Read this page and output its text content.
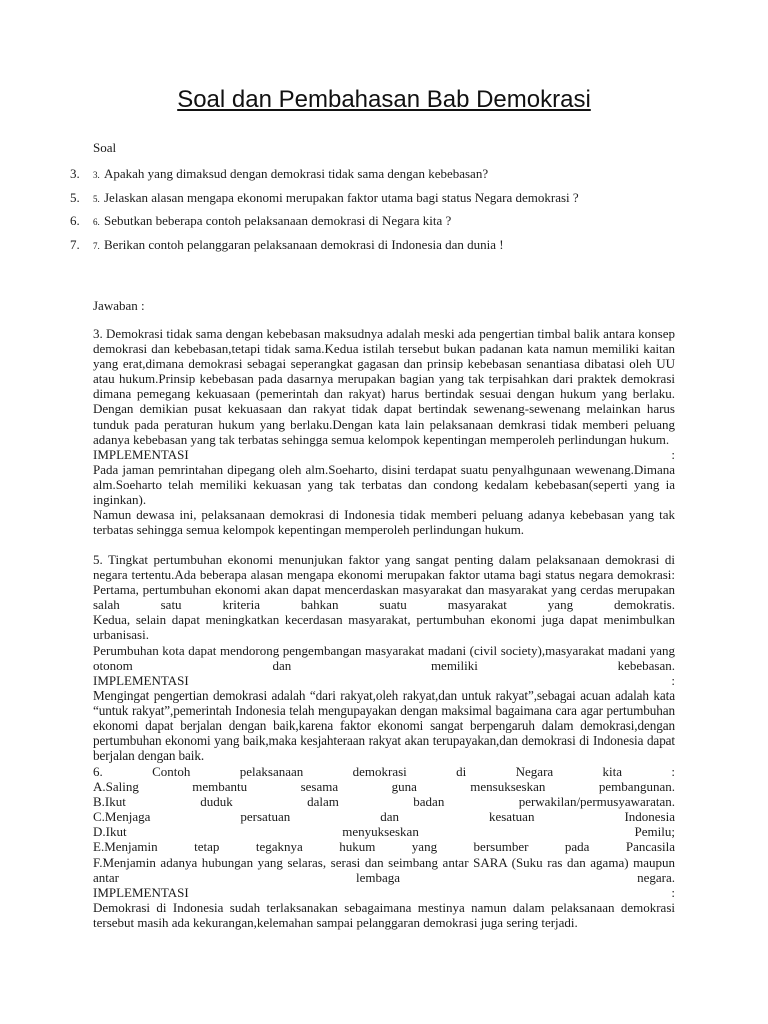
Soal dan Pembahasan Bab Demokrasi
Soal
3. 3. Apakah yang dimaksud dengan demokrasi tidak sama dengan kebebasan?
5. 5. Jelaskan alasan mengapa ekonomi merupakan faktor utama bagi status Negara demokrasi ?
6. 6. Sebutkan beberapa contoh pelaksanaan demokrasi di Negara kita ?
7. 7. Berikan contoh pelanggaran pelaksanaan demokrasi di Indonesia dan dunia !
Jawaban :

3. Demokrasi tidak sama dengan kebebasan maksudnya adalah meski ada pengertian timbal balik antara konsep demokrasi dan kebebasan,tetapi tidak sama.Kedua istilah tersebut bukan padanan kata namun memiliki kaitan yang erat,dimana demokrasi sebagai seperangkat gagasan dan prinsip kebebasan senantiasa dibatasi oleh UU atau hukum.Prinsip kebebasan pada dasarnya merupakan bagian yang tak terpisahkan dari praktek demokrasi dimana pemegang kekuasaan (pemerintah dan rakyat) harus bertindak sesuai dengan hukum yang berlaku. Dengan demikian pusat kekuasaan dan rakyat tidak dapat bertindak sewenang-sewenang melainkan harus tunduk pada peraturan hukum yang berlaku.Dengan kata lain pelaksanaan demkrasi tidak memberi peluang adanya kebebasan yang tak terbatas sehingga semua kelompok kepentingan memperoleh perlindungan hukum.

IMPLEMENTASI	:

Pada jaman pemrintahan dipegang oleh alm.Soeharto, disini terdapat suatu penyalhgunaan wewenang.Dimana alm.Soeharto telah memiliki kekuasan yang tak terbatas dan condong kedalam kebebasan(seperti yang ia inginkan).

Namun dewasa ini, pelaksanaan demokrasi di Indonesia tidak memberi peluang adanya kebebasan yang tak terbatas sehingga semua kelompok kepentingan memperoleh perlindungan hukum.

5. Tingkat pertumbuhan ekonomi menunjukan faktor yang sangat penting dalam pelaksanaan demokrasi di negara tertentu.Ada beberapa alasan mengapa ekonomi merupakan faktor utama bagi status negara demokrasi: Pertama, pertumbuhan ekonomi akan dapat mencerdaskan masyarakat dan masyarakat yang cerdas merupakan salah satu kriteria bahkan suatu masyarakat yang demokratis.

Kedua, selain dapat meningkatkan kecerdasan masyarakat, pertumbuhan ekonomi juga dapat menimbulkan urbanisasi.

Perumbuhan kota dapat mendorong pengembangan masyarakat madani (civil society),masyarakat madani yang otonom dan memiliki kebebasan.

IMPLEMENTASI	:

Mengingat pengertian demokrasi adalah “dari rakyat,oleh rakyat,dan untuk rakyat”,sebagai acuan adalah kata “untuk rakyat”,pemerintah Indonesia telah mengupayakan dengan maksimal bagaimana cara agar pertumbuhan ekonomi dapat berjalan dengan baik,karena faktor ekonomi sangat berpengaruh dalam demokrasi,dengan pertumbuhan ekonomi yang baik,maka kesjahteraan rakyat akan terupayakan,dan demokrasi di Indonesia dapat berjalan dengan baik.

6. Contoh pelaksanaan demokrasi di Negara kita :

A.Saling membantu sesama guna mensukseskan pembangunan.

B.Ikut duduk dalam badan perwakilan/permusyawaratan.

C.Menjaga persatuan dan kesatuan Indonesia

D.Ikut menyukseskan Pemilu;

E.Menjamin tetap tegaknya hukum yang bersumber pada Pancasila

F.Menjamin adanya hubungan yang selaras, serasi dan seimbang antar SARA (Suku ras dan agama) maupun antar lembaga negara.

IMPLEMENTASI	:

Demokrasi di Indonesia sudah terlaksanakan sebagaimana mestinya namun dalam pelaksanaan demokrasi tersebut masih ada kekurangan,kelemahan sampai pelanggaran demokrasi juga sering terjadi.
